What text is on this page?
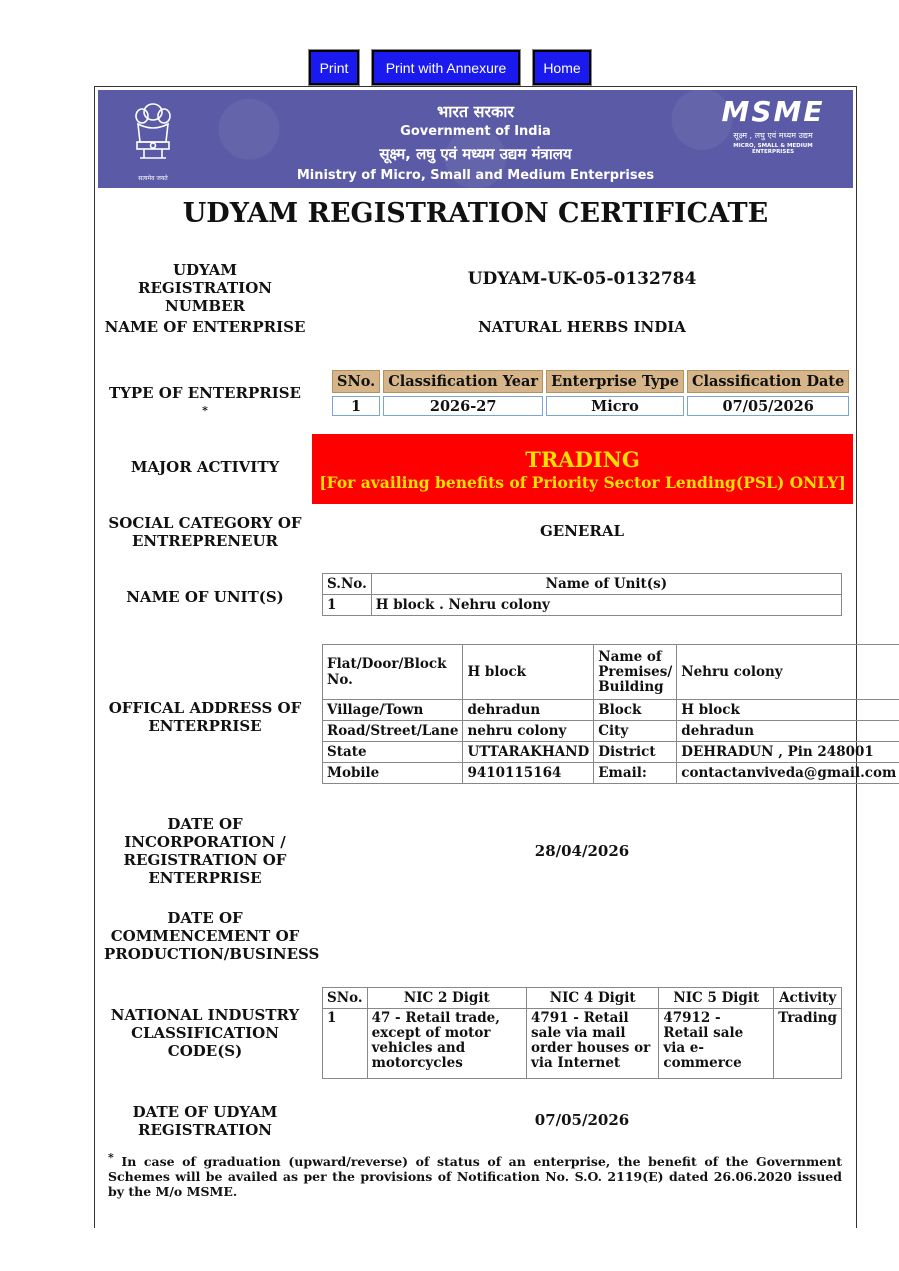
Print	Print with Annexure	Home
सत्यमेव जयते
भारत सरकार
Government of India
सूक्ष्म, लघु एवं मध्यम उद्यम मंत्रालय
Ministry of Micro, Small and Medium Enterprises
MSME
सूक्ष्म , लघु एवं मध्यम उद्यम
MICRO, SMALL & MEDIUM ENTERPRISES
UDYAM REGISTRATION CERTIFICATE
UDYAM REGISTRATION NUMBER
UDYAM-UK-05-0132784
NAME OF ENTERPRISE	NATURAL HERBS INDIA
TYPE OF ENTERPRISE *
SNo.	Classification Year	Enterprise Type	Classification Date
1	2026-27	Micro	07/05/2026
MAJOR ACTIVITY	TRADING
[For availing benefits of Priority Sector Lending(PSL) ONLY]
SOCIAL CATEGORY OF ENTREPRENEUR
GENERAL
NAME OF UNIT(S)
S.No.	Name of Unit(s)
1	H block . Nehru colony
OFFICAL ADDRESS OF ENTERPRISE
Flat/Door/Block No.	H block	Name of Premises/ Building	Nehru colony
Village/Town	dehradun	Block	H block
Road/Street/Lane	nehru colony	City	dehradun
State	UTTARAKHAND	District	DEHRADUN , Pin 248001
Mobile	9410115164	Email:	contactanviveda@gmail.com
DATE OF INCORPORATION / REGISTRATION OF ENTERPRISE
28/04/2026
DATE OF COMMENCEMENT OF PRODUCTION/BUSINESS
NATIONAL INDUSTRY CLASSIFICATION CODE(S)
SNo.	NIC 2 Digit	NIC 4 Digit	NIC 5 Digit	Activity
1	47 - Retail trade, except of motor vehicles and motorcycles	4791 - Retail sale via mail order houses or via Internet	47912 - Retail sale via e-commerce	Trading
DATE OF UDYAM REGISTRATION
07/05/2026
* In case of graduation (upward/reverse) of status of an enterprise, the benefit of the Government Schemes will be availed as per the provisions of Notification No. S.O. 2119(E) dated 26.06.2020 issued by the M/o MSME.
